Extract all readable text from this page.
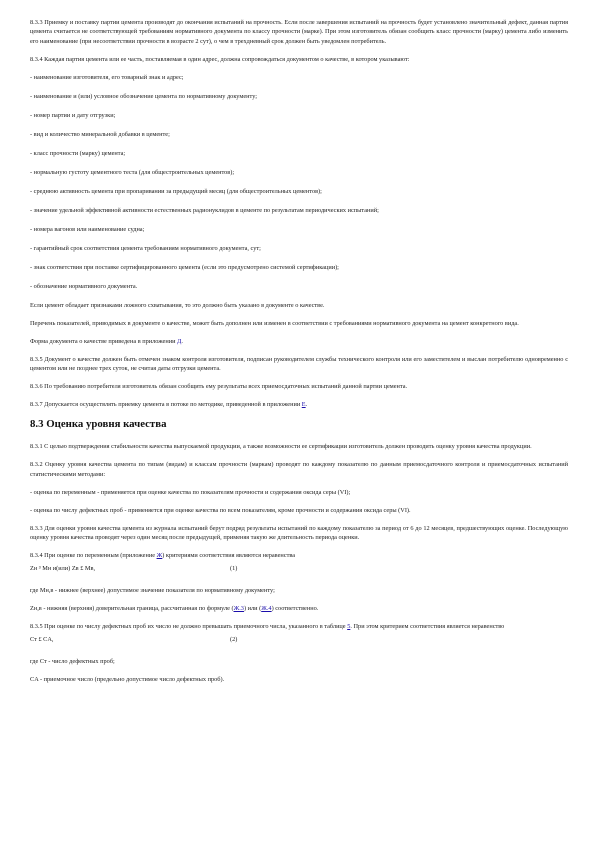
8.3.3 Приемку и поставку партии цемента производят до окончания испытаний на прочность. Если после завершения испытаний на прочность будет установлено значительный дефект, данная партия цемента считается не соответствующей требованиям нормативного документа по классу прочности (марке). При этом изготовитель обязан сообщить класс прочности (марку) цемента либо изменить его наименование (при несоответствии прочности в возрасте 2 сут), о чем в трехдневный срок должен быть уведомлен потребитель.

8.3.4 Каждая партия цемента или ее часть, поставляемая в один адрес, должна сопровождаться документом о качестве, в котором указывают:

- наименование изготовителя, его товарный знак и адрес;

- наименование и (или) условное обозначение цемента по нормативному документу;

- номер партии и дату отгрузки;

- вид и количество минеральной добавки в цементе;

- класс прочности (марку) цемента;

- нормальную густоту цементного теста (для общестроительных цементов);

- среднюю активность цемента при пропаривании за предыдущий месяц (для общестроительных цементов);

- значение удельной эффективной активности естественных радионуклидов в цементе по результатам периодических испытаний;

- номера вагонов или наименование судна;

- гарантийный срок соответствия цемента требованиям нормативного документа, сут;

- знак соответствия при поставке сертифицированного цемента (если это предусмотрено системой сертификации);

- обозначение нормативного документа.

Если цемент обладает признаками ложного схватывания, то это должно быть указано в документе о качестве.

Перечень показателей, приводимых в документе о качестве, может быть дополнен или изменен в соответствии с требованиями нормативного документа на цемент конкретного вида.

Форма документа о качестве приведена в приложении Д.

8.3.5 Документ о качестве должен быть отмечен знаком контроля изготовителя, подписан руководителем службы технического контроля или его заместителем и выслан потребителю одновременно с цементом или не позднее трех суток, не считая даты отгрузки цемента.

8.3.6 По требованию потребителя изготовитель обязан сообщить ему результаты всех приемосдаточных испытаний данной партии цемента.

8.3.7 Допускается осуществлять приемку цемента в потоке по методике, приведенной в приложении Е.

8.3 Оценка уровня качества

8.3.1 С целью подтверждения стабильности качества выпускаемой продукции, а также возможности ее сертификации изготовитель должен проводить оценку уровня качества продукции.

8.3.2 Оценку уровня качества цемента по типам (видам) и классам прочности (маркам) проводят по каждому показателю по данным приемосдаточного контроля и приемосдаточных испытаний статистическими методами:

- оценка по переменным - применяется при оценке качества по показателям прочности и содержания оксида серы (VI);

- оценка по числу дефектных проб - применяется при оценке качества по всем показателям, кроме прочности и содержания оксида серы (VI).

8.3.3 Для оценки уровня качества цемента из журнала испытаний берут подряд результаты испытаний по каждому показателю за период от 6 до 12 месяцев, предшествующих оценке. Последующую оценку уровня качества проводят через один месяц после предыдущей, применяя такую же длительность периода оценки.

8.3.4 При оценке по переменным (приложение Ж) критериями соответствия являются неравенства

Zн ³ Mн и(или) Zв £ Mв,	(1)

где Mн,в - нижнее (верхнее) допустимое значение показателя по нормативному документу;

Zн,в - нижняя (верхняя) доверительная граница, рассчитанная по формуле (Ж.3) или (Ж.4) соответственно.

8.3.5 При оценке по числу дефектных проб их число не должно превышать приемочного числа, указанного в таблице 5. При этом критерием соответствия является неравенство

Ст £ CA,	(2)

где Ст - число дефектных проб;

CA - приемочное число (предельно допустимое число дефектных проб).
